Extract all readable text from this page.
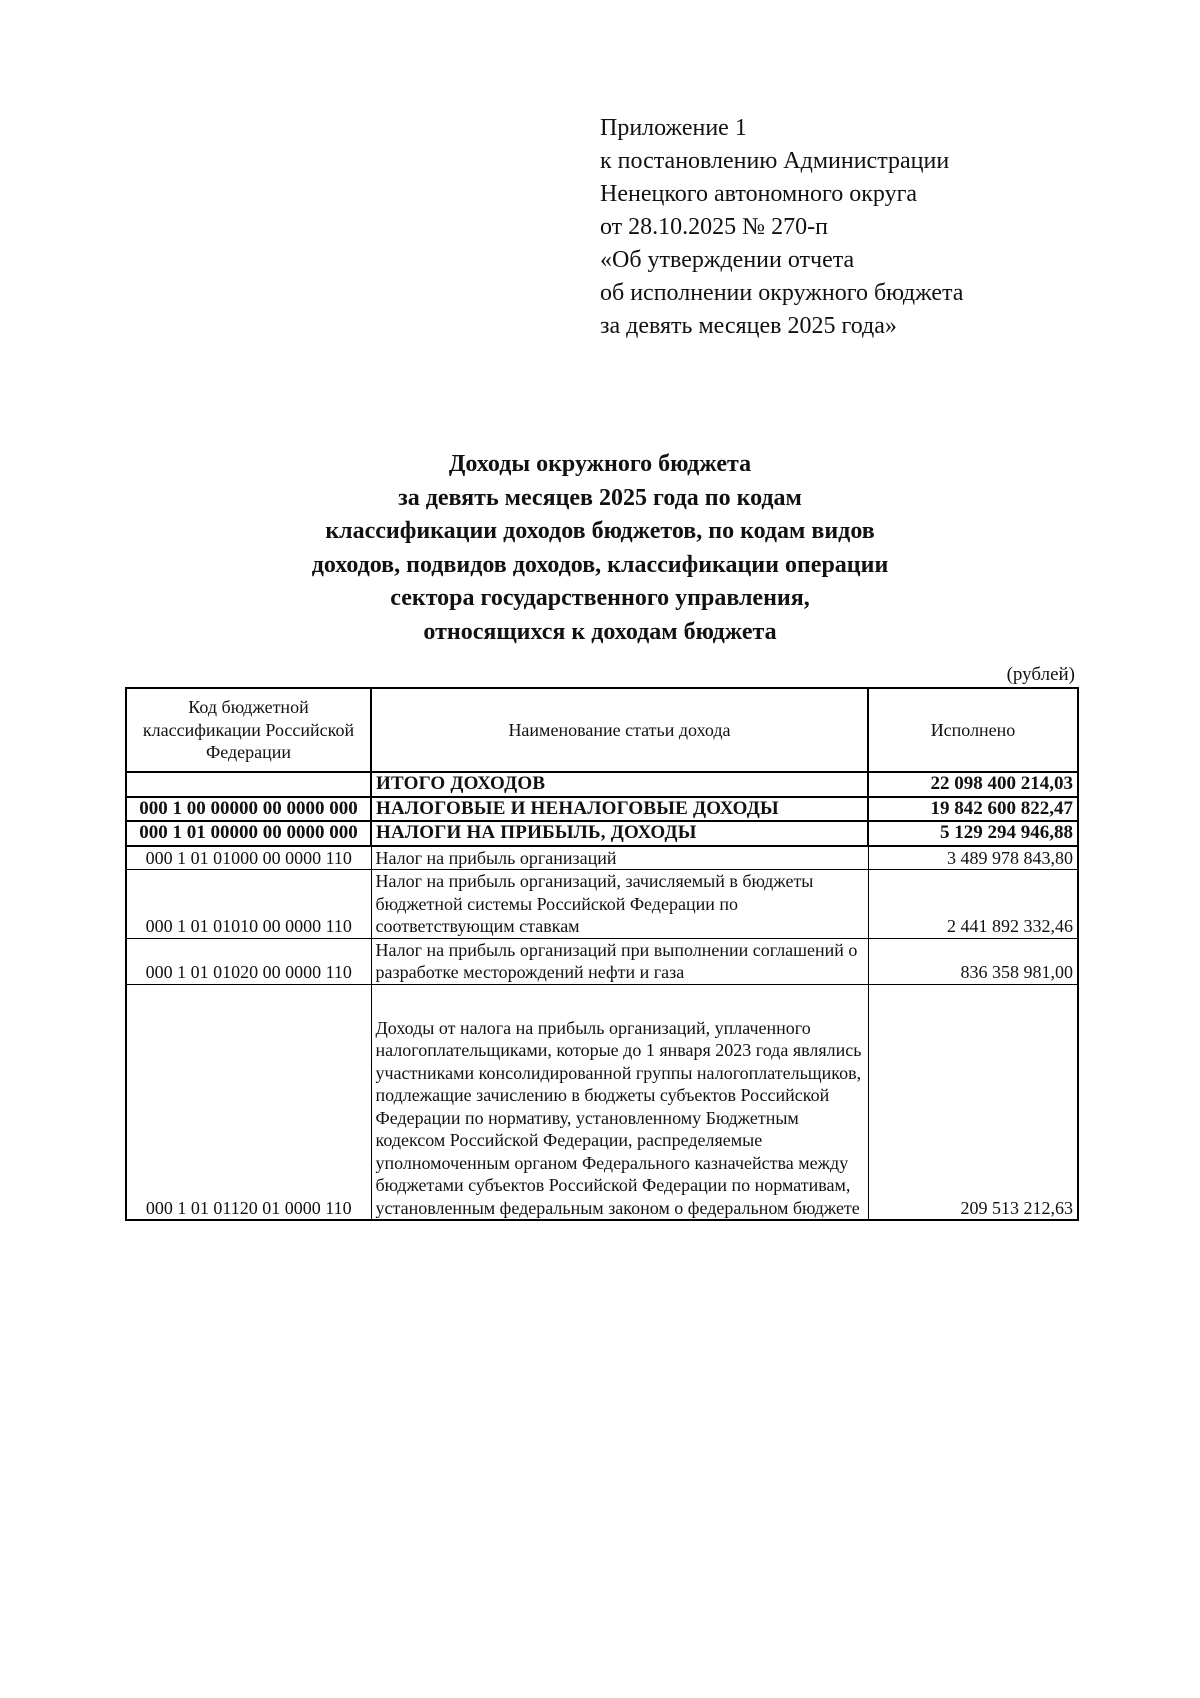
Приложение 1
к постановлению Администрации
Ненецкого автономного округа
от 28.10.2025 № 270-п
«Об утверждении отчета
об исполнении окружного бюджета
за девять месяцев 2025 года»
Доходы окружного бюджета
за девять месяцев 2025 года по кодам
классификации доходов бюджетов, по кодам видов
доходов, подвидов доходов, классификации операции
сектора государственного управления,
относящихся к доходам бюджета
(рублей)
Код бюджетной классификации Российской Федерации	Наименование статьи дохода	Исполнено
	ИТОГО ДОХОДОВ	22 098 400 214,03
000 1 00 00000 00 0000 000	НАЛОГОВЫЕ И НЕНАЛОГОВЫЕ ДОХОДЫ	19 842 600 822,47
000 1 01 00000 00 0000 000	НАЛОГИ НА ПРИБЫЛЬ, ДОХОДЫ	5 129 294 946,88
000 1 01 01000 00 0000 110	Налог на прибыль организаций	3 489 978 843,80
000 1 01 01010 00 0000 110	Налог на прибыль организаций, зачисляемый в бюджеты бюджетной системы Российской Федерации по соответствующим ставкам	2 441 892 332,46
000 1 01 01020 00 0000 110	Налог на прибыль организаций при выполнении соглашений о разработке месторождений нефти и газа	836 358 981,00
000 1 01 01120 01 0000 110	Доходы от налога на прибыль организаций, уплаченного налогоплательщиками, которые до 1 января 2023 года являлись участниками консолидированной группы налогоплательщиков, подлежащие зачислению в бюджеты субъектов Российской Федерации по нормативу, установленному Бюджетным кодексом Российской Федерации, распределяемые уполномоченным органом Федерального казначейства между бюджетами субъектов Российской Федерации по нормативам, установленным федеральным законом о федеральном бюджете	209 513 212,63
